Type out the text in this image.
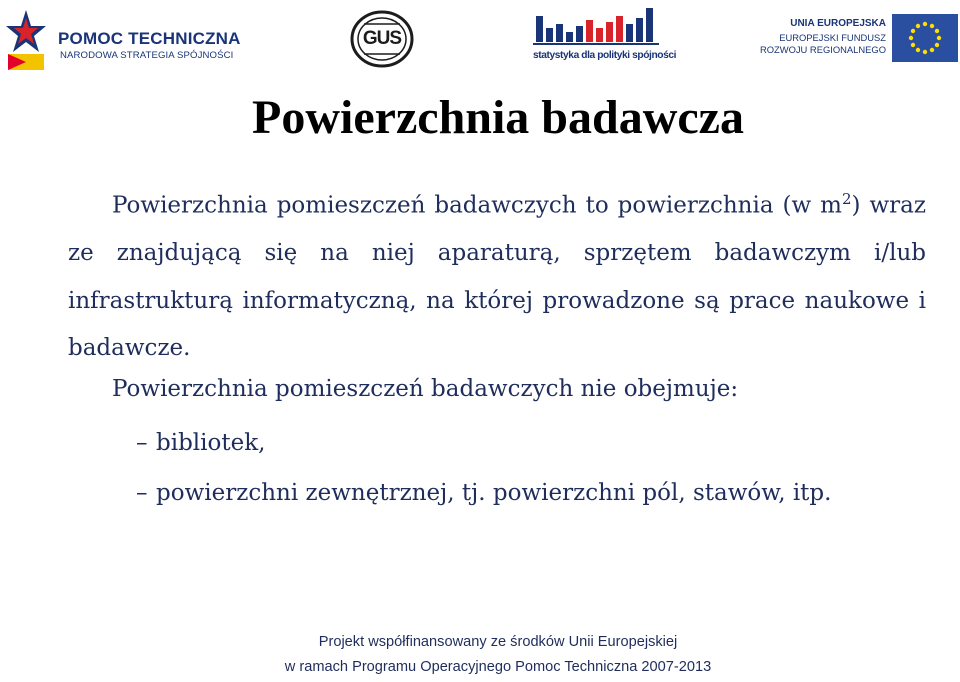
POMOC TECHNICZNA
NARODOWA STRATEGIA SPÓJNOŚCI
GUS
statystyka dla polityki spójności
UNIA EUROPEJSKA
EUROPEJSKI FUNDUSZ
ROZWOJU REGIONALNEGO
Powierzchnia badawcza
Powierzchnia pomieszczeń badawczych to powierzchnia (w $m^2$) wraz ze znajdującą się na niej aparaturą, sprzętem badawczym i/lub infrastrukturą informatyczną, na której prowadzone są prace naukowe i badawcze.
Powierzchnia pomieszczeń badawczych nie obejmuje:
– bibliotek,
– powierzchni zewnętrznej, tj. powierzchni pól, stawów, itp.
Projekt współfinansowany ze środków Unii Europejskiej
w ramach Programu Operacyjnego Pomoc Techniczna 2007-2013
